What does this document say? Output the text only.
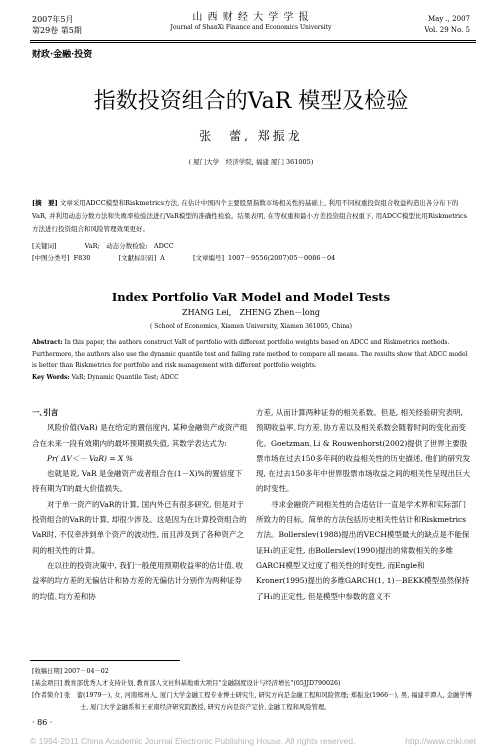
2007年5月
第29卷 第5期
山 西 财 经 大 学 学 报
Journal of ShanXi Finance and Economics University
May ., 2007
Vol. 29 No. 5
财政·金融·投资
指数投资组合的VaR 模型及检验
张　蕾, 郑振龙
( 厦门大学　经济学院, 福建 厦门 361005)
[摘　要] 文章采用ADCC模型和Riskmetrics方法, 在估计中国四个主要股票指数市场相关性的基础上, 利用不同权重投资组合收益构造出各分布下的VaR, 并利用动态分数方法和失败率检验法进行VaR模型的准确性检验。结果表明, 在等权重和最小方差投资组合权重下, 用ADCC模型比用Riskmetrics方法进行投资组合和风险管理效果更好。
[关键词]	VaR;　动态分数检验;　ADCC
[中图分类号] F830	[文献标识码] A	[文章编号] 1007－9556(2007)05－0086－04
Index Portfolio VaR Model and Model Tests
ZHANG Lei,　ZHENG Zhen－long
( School of Economics, Xiamen University, Xiamen 361005, China)
Abstract: In this paper, the authors construct VaR of portfolio with different portfolio weights based on ADCC and Riskmetrics methods. Furthermore, the authors also use the dynamic quantile test and failing rate method to compare all means. The results show that ADCC model is better than Riskmetrics for portfolio and risk management with different portfolio weights.
Key Words: VaR; Dynamic Quantile Test; ADCC

一､引言

风险价值(VaR) 是在给定的置信度内, 某种金融资产或资产组合在未来一段有效期内的最坏预期损失值, 其数学表达式为:

Pr( ΔV＜－ VaR) = X %

也就是说, VaR 是金融资产或者组合在(1－X)%的置信度下持有期为T的最大价值损失。

对于单一资产的VaR的计算, 国内外已有很多研究, 但是对于投资组合的VaR的计算, 却很少涉及。这是因为在计算投资组合的VaR时, 不仅牵涉到单个资产的波动性, 而且涉及到了各种资产之间的相关性的计算。

在以往的投资决策中, 我们一般使用预期收益率的估计值､收益率的均方差的无偏估计和协方差的无偏估计分别作为两种证券的均值､均方差和协

方差, 从而计算两种证券的相关系数。但是, 相关经验研究表明, 预期收益率､均方差､协方差以及相关系数会随着时间的变化而变化。Goetzman､Li & Rouwenhorst(2002)提供了世界主要股票市场在过去150多年间的收益相关性的历史描述, 他们的研究发现, 在过去150多年中世界股票市场收益之间的相关性呈现出巨大的时变性。

寻求金融资产间相关性的合适估计一直是学术界和实际部门所致力的目标。简单的方法包括历史相关性估计和Riskmetrics方法。Bollerslev(1988)提出的VECH模型最大的缺点是不能保证H₁的正定性, 由Bollerslev(1990)提出的常数相关的多维GARCH模型又过度了相关性的时变性, 而Engle和Kroner(1995)提出的多维GARCH(1, 1)－BEKK模型虽然保持了H₁的正定性, 但是模型中参数的意义不

[收稿日期] 2007－04－02
[基金项目] 教育部优秀人才支持计划､教育部人文社科基地重大项目"金融制度设计与经济增长"(05JJD790026)
[作者简介] 张　蕾(1979－), 女, 河南郑州人, 厦门大学金融工程专业博士研究生, 研究方向是金融工程和风险管理; 郑振龙(1966－), 男, 福建平潭人, 金融学博士, 厦门大学金融系和王亚南经济研究院教授, 研究方向是资产定价､金融工程和风险管理。
· 86 ·
© 1994-2011 China Academic Journal Electronic Publishing House. All rights reserved.	http://www.cnki.net
